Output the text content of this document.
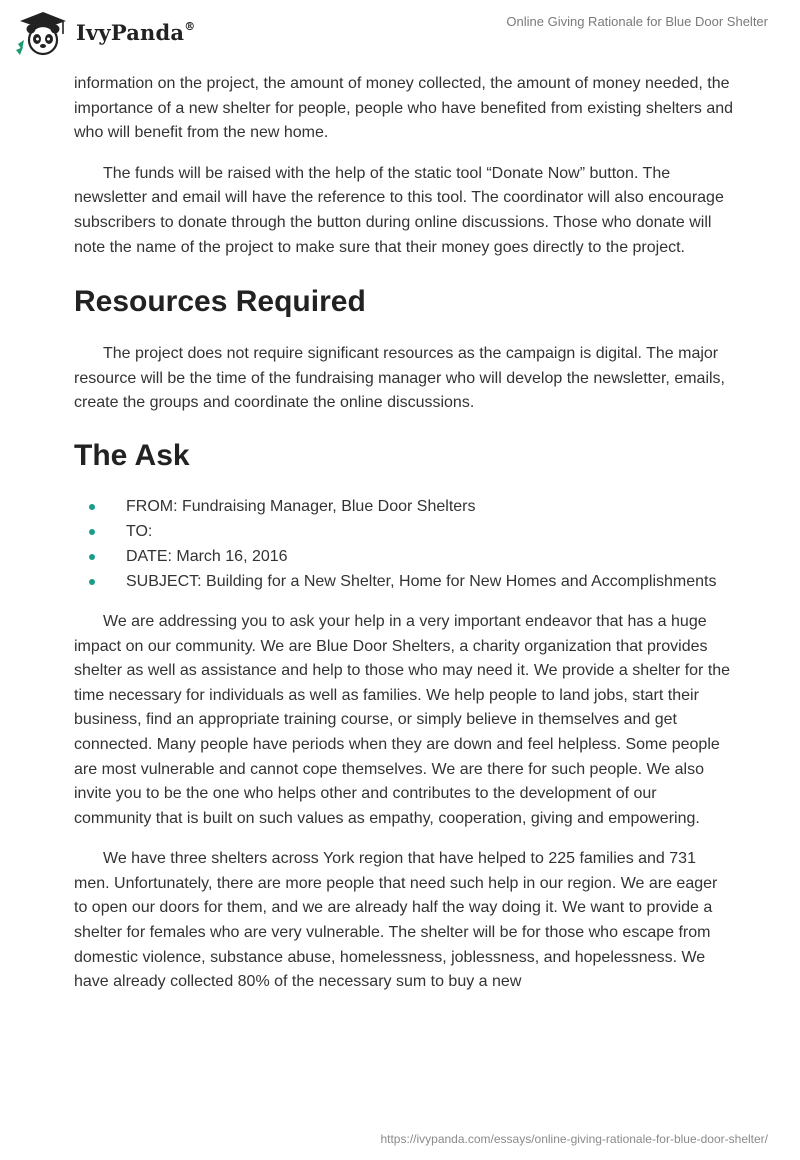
IvyPanda®	Online Giving Rationale for Blue Door Shelter

information on the project, the amount of money collected, the amount of money needed, the importance of a new shelter for people, people who have benefited from existing shelters and who will benefit from the new home.

The funds will be raised with the help of the static tool “Donate Now” button. The newsletter and email will have the reference to this tool. The coordinator will also encourage subscribers to donate through the button during online discussions. Those who donate will note the name of the project to make sure that their money goes directly to the project.

Resources Required

The project does not require significant resources as the campaign is digital. The major resource will be the time of the fundraising manager who will develop the newsletter, emails, create the groups and coordinate the online discussions.

The Ask
FROM: Fundraising Manager, Blue Door Shelters
TO:
DATE: March 16, 2016
SUBJECT: Building for a New Shelter, Home for New Homes and Accomplishments

We are addressing you to ask your help in a very important endeavor that has a huge impact on our community. We are Blue Door Shelters, a charity organization that provides shelter as well as assistance and help to those who may need it. We provide a shelter for the time necessary for individuals as well as families. We help people to land jobs, start their business, find an appropriate training course, or simply believe in themselves and get connected. Many people have periods when they are down and feel helpless. Some people are most vulnerable and cannot cope themselves. We are there for such people. We also invite you to be the one who helps other and contributes to the development of our community that is built on such values as empathy, cooperation, giving and empowering.

We have three shelters across York region that have helped to 225 families and 731 men. Unfortunately, there are more people that need such help in our region. We are eager to open our doors for them, and we are already half the way doing it. We want to provide a shelter for females who are very vulnerable. The shelter will be for those who escape from domestic violence, substance abuse, homelessness, joblessness, and hopelessness. We have already collected 80% of the necessary sum to buy a new

https://ivypanda.com/essays/online-giving-rationale-for-blue-door-shelter/
